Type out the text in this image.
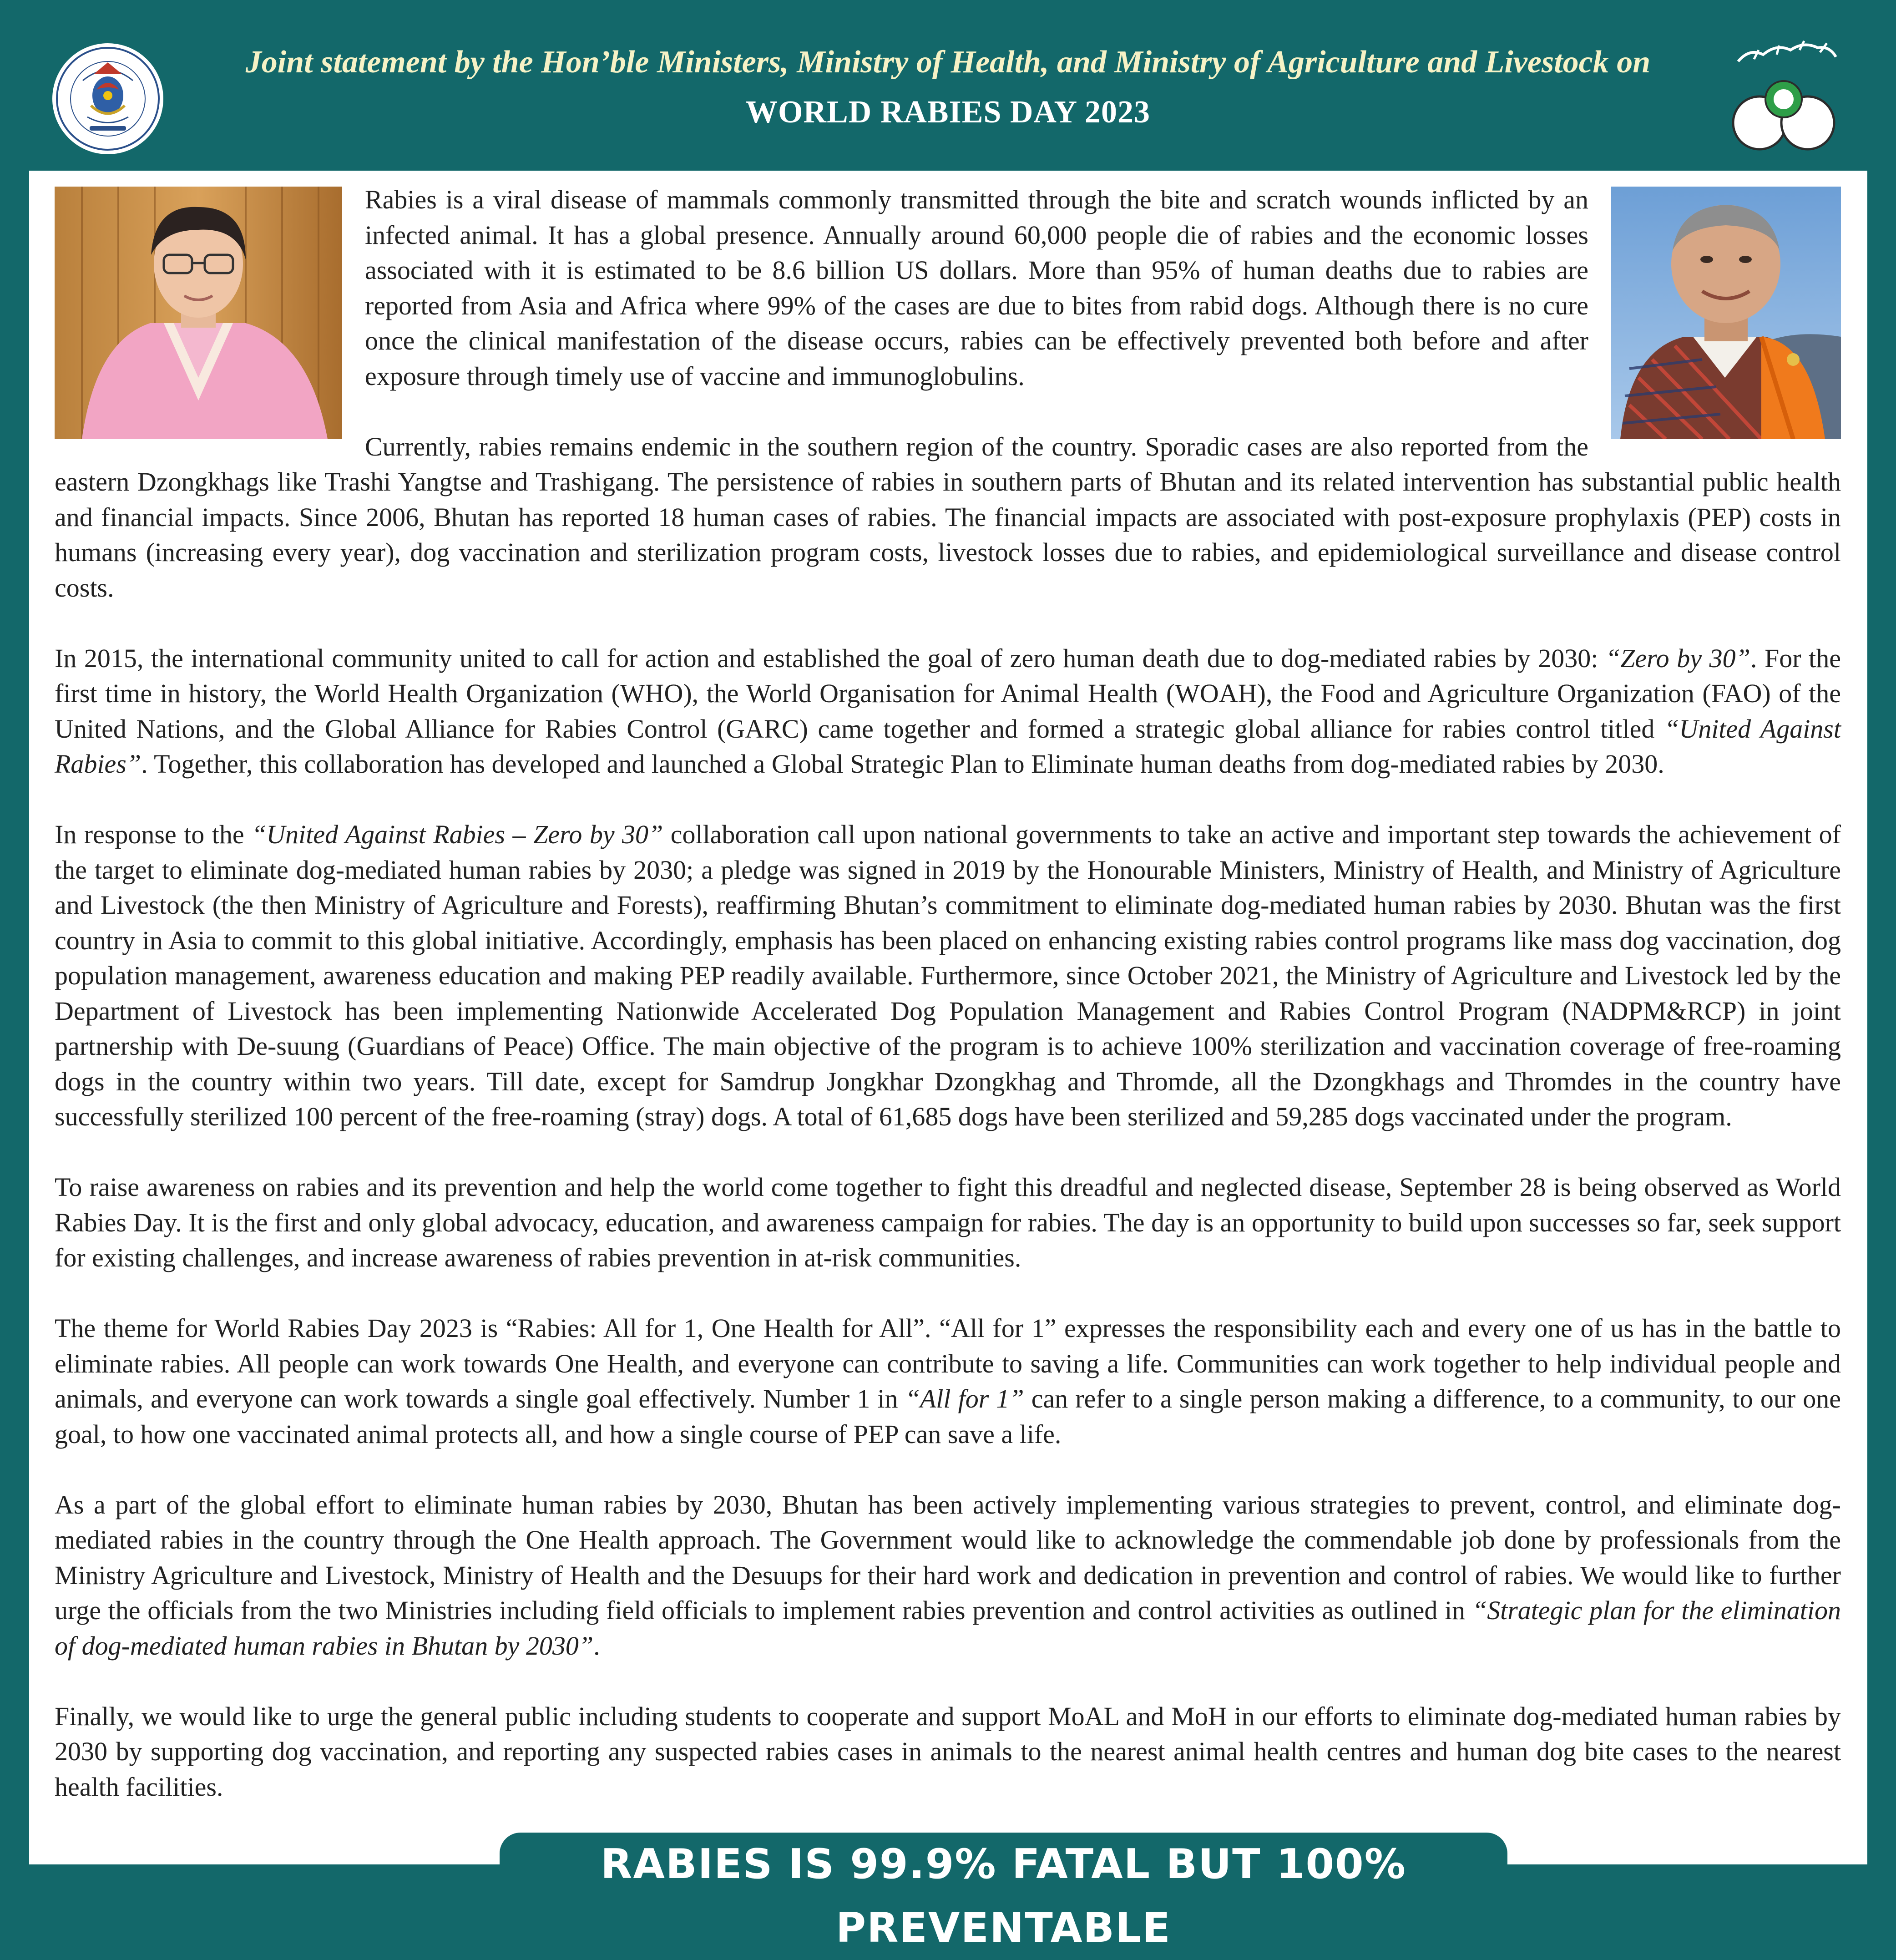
Joint statement by the Hon’ble Ministers, Ministry of Health, and Ministry of Agriculture and Livestock on
WORLD RABIES DAY 2023

Rabies is a viral disease of mammals commonly transmitted through the bite and scratch wounds inflicted by an infected animal. It has a global presence. Annually around 60,000 people die of rabies and the economic losses associated with it is estimated to be 8.6 billion US dollars. More than 95% of human deaths due to rabies are reported from Asia and Africa where 99% of the cases are due to bites from rabid dogs. Although there is no cure once the clinical manifestation of the disease occurs, rabies can be effectively prevented both before and after exposure through timely use of vaccine and immunoglobulins.

Currently, rabies remains endemic in the southern region of the country. Sporadic cases are also reported from the eastern Dzongkhags like Trashi Yangtse and Trashigang. The persistence of rabies in southern parts of Bhutan and its related intervention has substantial public health and financial impacts. Since 2006, Bhutan has reported 18 human cases of rabies. The financial impacts are associated with post-exposure prophylaxis (PEP) costs in humans (increasing every year), dog vaccination and sterilization program costs, livestock losses due to rabies, and epidemiological surveillance and disease control costs.

In 2015, the international community united to call for action and established the goal of zero human death due to dog-mediated rabies by 2030: “Zero by 30”. For the first time in history, the World Health Organization (WHO), the World Organisation for Animal Health (WOAH), the Food and Agriculture Organization (FAO) of the United Nations, and the Global Alliance for Rabies Control (GARC) came together and formed a strategic global alliance for rabies control titled “United Against Rabies”. Together, this collaboration has developed and launched a Global Strategic Plan to Eliminate human deaths from dog-mediated rabies by 2030.

In response to the “United Against Rabies – Zero by 30” collaboration call upon national governments to take an active and important step towards the achievement of the target to eliminate dog-mediated human rabies by 2030; a pledge was signed in 2019 by the Honourable Ministers, Ministry of Health, and Ministry of Agriculture and Livestock (the then Ministry of Agriculture and Forests), reaffirming Bhutan’s commitment to eliminate dog-mediated human rabies by 2030. Bhutan was the first country in Asia to commit to this global initiative. Accordingly, emphasis has been placed on enhancing existing rabies control programs like mass dog vaccination, dog population management, awareness education and making PEP readily available. Furthermore, since October 2021, the Ministry of Agriculture and Livestock led by the Department of Livestock has been implementing Nationwide Accelerated Dog Population Management and Rabies Control Program (NADPM&RCP) in joint partnership with De-suung (Guardians of Peace) Office. The main objective of the program is to achieve 100% sterilization and vaccination coverage of free-roaming dogs in the country within two years. Till date, except for Samdrup Jongkhar Dzongkhag and Thromde, all the Dzongkhags and Thromdes in the country have successfully sterilized 100 percent of the free-roaming (stray) dogs. A total of 61,685 dogs have been sterilized and 59,285 dogs vaccinated under the program.

To raise awareness on rabies and its prevention and help the world come together to fight this dreadful and neglected disease, September 28 is being observed as World Rabies Day. It is the first and only global advocacy, education, and awareness campaign for rabies. The day is an opportunity to build upon successes so far, seek support for existing challenges, and increase awareness of rabies prevention in at-risk communities.

The theme for World Rabies Day 2023 is “Rabies: All for 1, One Health for All”. “All for 1” expresses the responsibility each and every one of us has in the battle to eliminate rabies. All people can work towards One Health, and everyone can contribute to saving a life. Communities can work together to help individual people and animals, and everyone can work towards a single goal effectively. Number 1 in “All for 1” can refer to a single person making a difference, to a community, to our one goal, to how one vaccinated animal protects all, and how a single course of PEP can save a life.

As a part of the global effort to eliminate human rabies by 2030, Bhutan has been actively implementing various strategies to prevent, control, and eliminate dog-mediated rabies in the country through the One Health approach. The Government would like to acknowledge the commendable job done by professionals from the Ministry Agriculture and Livestock, Ministry of Health and the Desuups for their hard work and dedication in prevention and control of rabies. We would like to further urge the officials from the two Ministries including field officials to implement rabies prevention and control activities as outlined in “Strategic plan for the elimination of dog-mediated human rabies in Bhutan by 2030”.

Finally, we would like to urge the general public including students to cooperate and support MoAL and MoH in our efforts to eliminate dog-mediated human rabies by 2030 by supporting dog vaccination, and reporting any suspected rabies cases in animals to the nearest animal health centres and human dog bite cases to the nearest health facilities.

RABIES IS 99.9% FATAL BUT 100% PREVENTABLE
